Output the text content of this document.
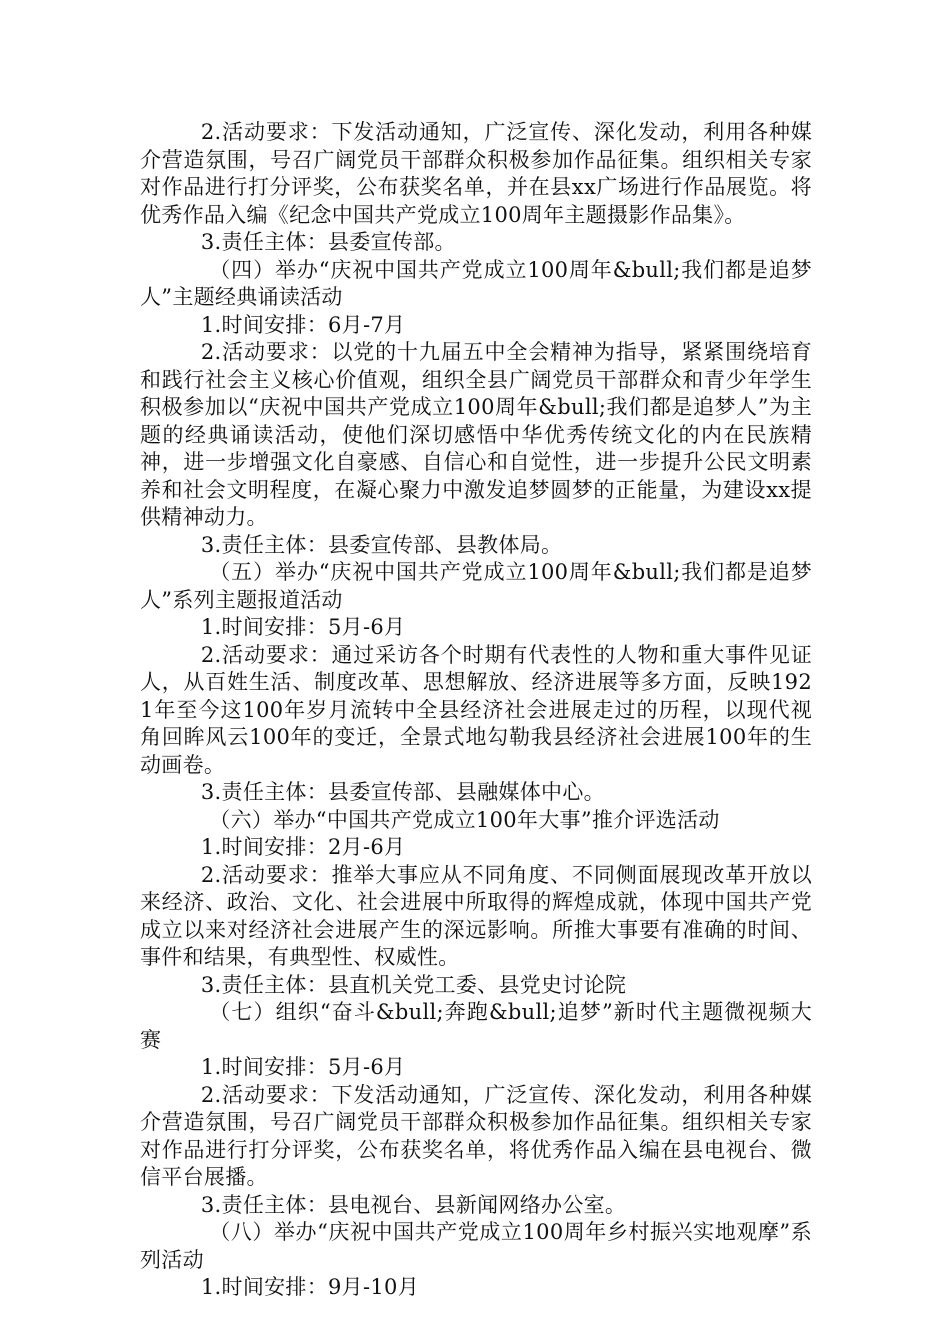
2.活动要求：下发活动通知，广泛宣传、深化发动，利用各种媒介营造氛围，号召广阔党员干部群众积极参加作品征集。组织相关专家对作品进行打分评奖，公布获奖名单，并在县xx广场进行作品展览。将优秀作品入编《纪念中国共产党成立100周年主题摄影作品集》。

3.责任主体：县委宣传部。

（四）举办“庆祝中国共产党成立100周年&bull;我们都是追梦人”主题经典诵读活动

1.时间安排：6月-7月

2.活动要求：以党的十九届五中全会精神为指导，紧紧围绕培育和践行社会主义核心价值观，组织全县广阔党员干部群众和青少年学生积极参加以“庆祝中国共产党成立100周年&bull;我们都是追梦人”为主题的经典诵读活动，使他们深切感悟中华优秀传统文化的内在民族精神，进一步增强文化自豪感、自信心和自觉性，进一步提升公民文明素养和社会文明程度，在凝心聚力中激发追梦圆梦的正能量，为建设xx提供精神动力。

3.责任主体：县委宣传部、县教体局。

（五）举办“庆祝中国共产党成立100周年&bull;我们都是追梦人”系列主题报道活动

1.时间安排：5月-6月

2.活动要求：通过采访各个时期有代表性的人物和重大事件见证人，从百姓生活、制度改革、思想解放、经济进展等多方面，反映1921年至今这100年岁月流转中全县经济社会进展走过的历程，以现代视角回眸风云100年的变迁，全景式地勾勒我县经济社会进展100年的生动画卷。

3.责任主体：县委宣传部、县融媒体中心。

（六）举办“中国共产党成立100年大事”推介评选活动

1.时间安排：2月-6月

2.活动要求：推举大事应从不同角度、不同侧面展现改革开放以来经济、政治、文化、社会进展中所取得的辉煌成就，体现中国共产党成立以来对经济社会进展产生的深远影响。所推大事要有准确的时间、事件和结果，有典型性、权威性。

3.责任主体：县直机关党工委、县党史讨论院

（七）组织“奋斗&bull;奔跑&bull;追梦”新时代主题微视频大赛

1.时间安排：5月-6月

2.活动要求：下发活动通知，广泛宣传、深化发动，利用各种媒介营造氛围，号召广阔党员干部群众积极参加作品征集。组织相关专家对作品进行打分评奖，公布获奖名单，将优秀作品入编在县电视台、微信平台展播。

3.责任主体：县电视台、县新闻网络办公室。

（八）举办“庆祝中国共产党成立100周年乡村振兴实地观摩”系列活动

1.时间安排：9月-10月
